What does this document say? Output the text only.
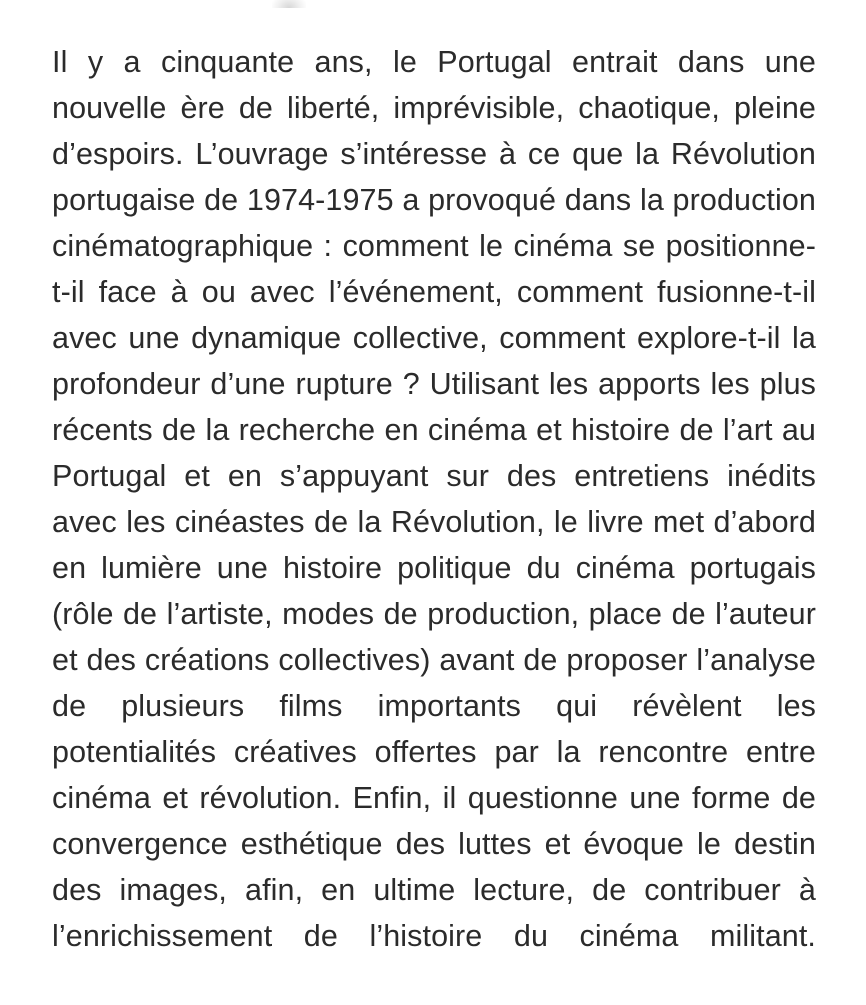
Il y a cinquante ans, le Portugal entrait dans une nouvelle ère de liberté, imprévisible, chaotique, pleine d’espoirs. L’ouvrage s’intéresse à ce que la Révolution portugaise de 1974-1975 a provoqué dans la production cinématographique : comment le cinéma se positionne-t-il face à ou avec l’événement, comment fusionne-t-il avec une dynamique collective, comment explore-t-il la profondeur d’une rupture ? Utilisant les apports les plus récents de la recherche en cinéma et histoire de l’art au Portugal et en s’appuyant sur des entretiens inédits avec les cinéastes de la Révolution, le livre met d’abord en lumière une histoire politique du cinéma portugais (rôle de l’artiste, modes de production, place de l’auteur et des créations collectives) avant de proposer l’analyse de plusieurs films importants qui révèlent les potentialités créatives offertes par la rencontre entre cinéma et révolution. Enfin, il questionne une forme de convergence esthétique des luttes et évoque le destin des images, afin, en ultime lecture, de contribuer à l’enrichissement de l’histoire du cinéma militant.
